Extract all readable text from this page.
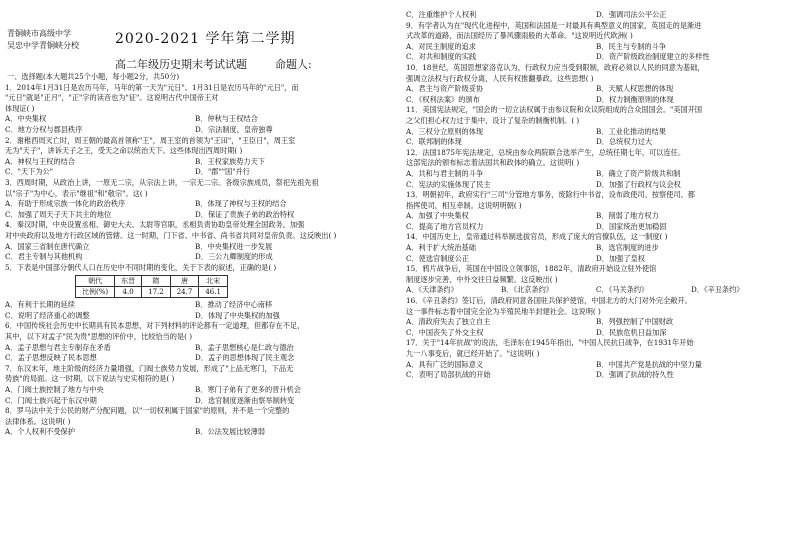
青铜峡市高级中学
吴忠中学青铜峡分校	2020-2021 学年第二学期
高二年级历史期末考试试题	命题人:

一、选择题(本大题共25个小题，每小题2分，共50分)

1．2014年1月31日是农历马年，马年的第一天为"元日"。1月31日是农历马年的"元日"，而

"元日"就是"正月"，"正"字的读音也为"征"。这说明古代中国帝王对

体现证( )

A．中央集权	B．仲秋与王权结合
C．地方分权与郡县秩序	D．宗法制度，皇帝独尊

2．谢稚西周灭亡时，周王朝的最高首领称"王"，周王室的首领为"王田"，"王臣日"，周王室

无为"天子"，讲诉天子之王，受天之命以统治天下。这些体现出西周时期( )

A．神权与王权的结合	B．王权家族势力天下
C．"天下为公"	D．"郡""国"并行

3．西周时期，从政治上讲，一原无二宗，从宗法上讲，一宗无二宗。各级宗族成员，祭祀先祖先祖

以"宗子"为中心，表示"继祖"和"敬宗"。这( )

A．有助于形成宗族一体化的政治秩序	B．体现了神权与王权的结合
C．加强了周天子天下共主的地位	D．保证了贵族子弟的政治特权

4．秦汉时期，中央设置丞相、御史大夫、太尉等官职，丞相负责协助皇帝处理全国政务，加强

对中央政府以及地方行政区域的管辖。这一时期，门下省、中书省、尚书省共同对皇帝负责。这反映出( )

A．国家三省制在唐代确立	B．中央集权进一步发展
C．君主专制与其他机构	D．三公九卿制度的形成

5．下表是中国部分朝代人口在历史中不同时期的变化，关于下表的叙述，正确的是( )

朝代	东晋	隋	唐	北宋
比例(%)	4.0	17.2	24.7	46.1
A．有利于长期的延续	B．推动了经济中心南移
C．说明了经济重心的调整	D．体现了中央集权的加强

6．中国传统社会历史中长期具有民本思想，对下列材料的评论都有一定道理，但都存在不足，

其中，以下对孟子"民为贵"思想的评价中，比较恰当的是( )

A．孟子思想与君主专制存在矛盾	B．孟子思想核心是仁政与德治
C．孟子思想反映了民本思想	D．孟子的思想体现了民主观念

7．东汉末年，地主阶级的经济力量增强，门阀士族势力发展，形成了"上品无寒门，下品无

势族"的局面。这一时期，以下说法与史实相符的是( )

A．门阀士族控制了地方与中央	B．寒门子弟有了更多的晋升机会
C．门阀士族兴起于东汉中期	D．选官制度逐渐由察举制转变

8．罗马法中关于公民的财产分配问题，以"一切权利属于国家"的原则，并不是一个完整的

法律体系。这说明( )

A．个人权利不受保护	B．公法发展比较薄弱
C．注重维护个人权利	D．强调司法公平公正

9．有学者认为在"现代化进程中，英国和法国是一对最具有典型意义的国家，英国走的是渐进

式改革的道路，而法国经历了暴风骤雨般的大革命。"这说明近代欧洲( )

A．对民主制度的追求	B．民主与专制的斗争
C．对共和制度的实践	D．资产阶级政治制度建立的多样性

10．18世纪，英国思想家洛克认为，行政权力应当受到限制，政府必须以人民的同意为基础，

强调立法权与行政权分离，人民有权推翻暴政。这些思想( )

A．君主与资产阶级妥协	B．天赋人权思想的体现
C．《权利法案》的颁布	D．权力制衡原则的体现

11．美国宪法规定，"国会的一切立法权属于由参议院和众议院组成的合众国国会。"美国开国

之父们担心权力过于集中，设计了复杂的制衡机制。( )

A．三权分立原则的体现	B．工业化推动的结果
C．联邦制的体现	D．总统权力过大

12．法国1875年宪法规定，总统由参众两院联合选举产生，总统任期七年，可以连任。

这部宪法的颁布标志着法国共和政体的确立。这说明( )

A．共和与君主制的斗争	B．确立了资产阶级共和制
C．宪法的实施体现了民主	D．加强了行政权与议会权

13．明朝初年，政府实行"三司"分管地方事务，废除行中书省，设布政使司、按察使司、都

指挥使司，相互牵制。这说明明朝( )

A．加强了中央集权	B．削弱了地方权力
C．提高了地方官员权力	D．国家统治更加稳固

14．中国历史上，皇帝通过科举制选拔官员，形成了庞大的官僚队伍，这一制度( )

A．利于扩大统治基础	B．选官制度的进步
C．使选官制度公正	D．加强了皇权

15．鸦片战争后，英国在中国设立领事馆，1882年，清政府开始设立驻外使馆

制度逐步完善，中外交往日益频繁。这反映出( )

A．《天津条约》	B．《北京条约》	C．《马关条约》	D．《辛丑条约》

16．《辛丑条约》签订后，清政府同意各国驻兵保护使馆，中国北方的大门对外完全敞开。

这一事件标志着中国完全沦为半殖民地半封建社会。这说明( )

A．清政府失去了独立自主	B．列强控制了中国财政
C．中国丧失了外交主权	D．民族危机日益加深

17．关于"14年抗战"的说法，毛泽东在1945年指出，"中国人民抗日战争，在1931年开始

九一八事变后，就已经开始了。"这说明( )

A．具有广泛的国际意义	B．中国共产党是抗战的中坚力量
C．表明了局部抗战的开始	D．强调了抗战的持久性
